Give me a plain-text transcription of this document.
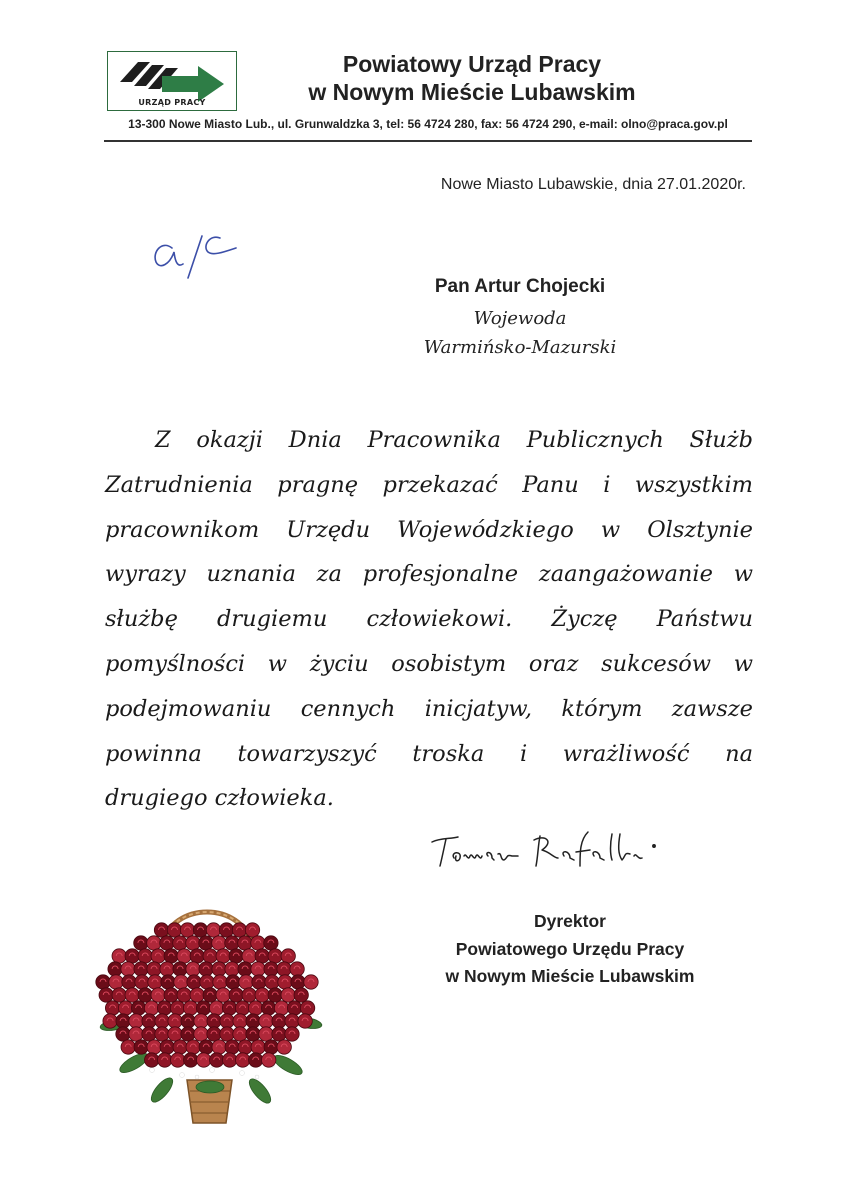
URZĄD PRACY
Powiatowy Urząd Pracy
w Nowym Mieście Lubawskim
13-300 Nowe Miasto Lub., ul. Grunwaldzka 3, tel: 56 4724 280, fax: 56 4724 290, e-mail: olno@praca.gov.pl
Nowe Miasto Lubawskie, dnia 27.01.2020r.
Pan Artur Chojecki
Wojewoda
Warmińsko-Mazurski
Z okazji Dnia Pracownika Publicznych Służb
Zatrudnienia pragnę przekazać Panu i wszystkim
pracownikom Urzędu Wojewódzkiego w Olsztynie
wyrazy uznania za profesjonalne zaangażowanie w
służbę drugiemu człowiekowi. Życzę Państwu
pomyślności w życiu osobistym oraz sukcesów w
podejmowaniu cennych inicjatyw, którym zawsze
powinna towarzyszyć troska i wrażliwość na
drugiego człowieka.
Dyrektor
Powiatowego Urzędu Pracy
w Nowym Mieście Lubawskim
